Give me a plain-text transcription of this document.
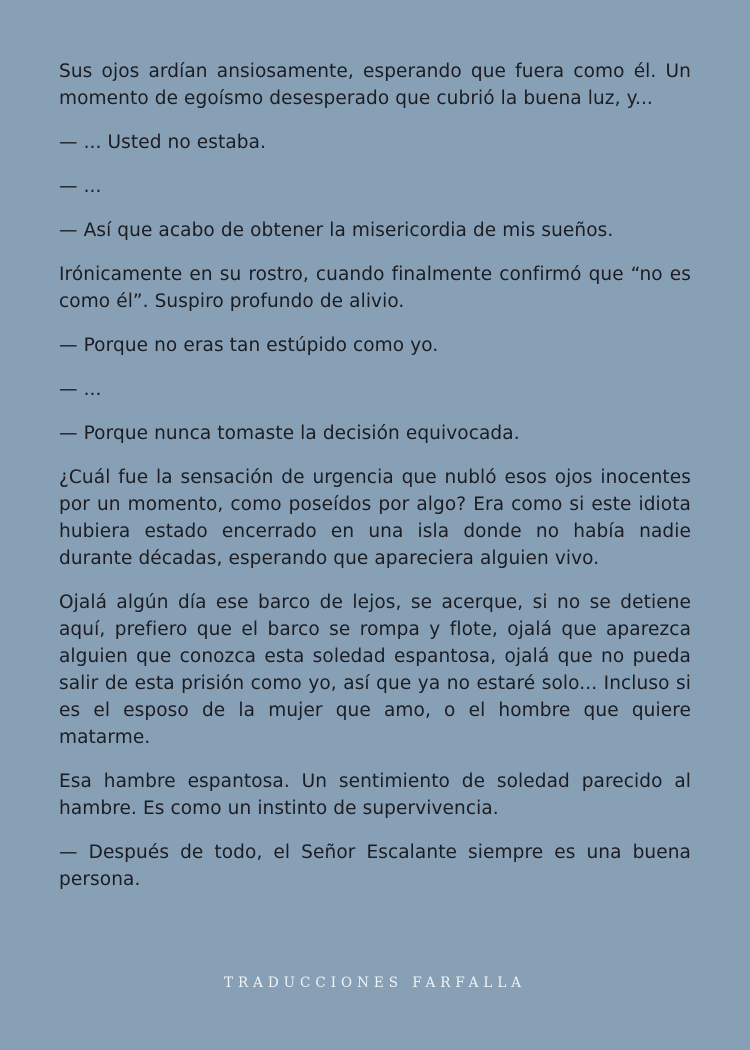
Sus ojos ardían ansiosamente, esperando que fuera como él. Un momento de egoísmo desesperado que cubrió la buena luz, y...

— ... Usted no estaba.

— ...

— Así que acabo de obtener la misericordia de mis sueños.

Irónicamente en su rostro, cuando finalmente confirmó que “no es como él”. Suspiro profundo de alivio.

— Porque no eras tan estúpido como yo.

— ...

— Porque nunca tomaste la decisión equivocada.

¿Cuál fue la sensación de urgencia que nubló esos ojos inocentes por un momento, como poseídos por algo? Era como si este idiota hubiera estado encerrado en una isla donde no había nadie durante décadas, esperando que apareciera alguien vivo.

Ojalá algún día ese barco de lejos, se acerque, si no se detiene aquí, prefiero que el barco se rompa y flote, ojalá que aparezca alguien que conozca esta soledad espantosa, ojalá que no pueda salir de esta prisión como yo, así que ya no estaré solo... Incluso si es el esposo de la mujer que amo, o el hombre que quiere matarme.

Esa hambre espantosa. Un sentimiento de soledad parecido al hambre. Es como un instinto de supervivencia.

— Después de todo, el Señor Escalante siempre es una buena persona.

TRADUCCIONES FARFALLA
